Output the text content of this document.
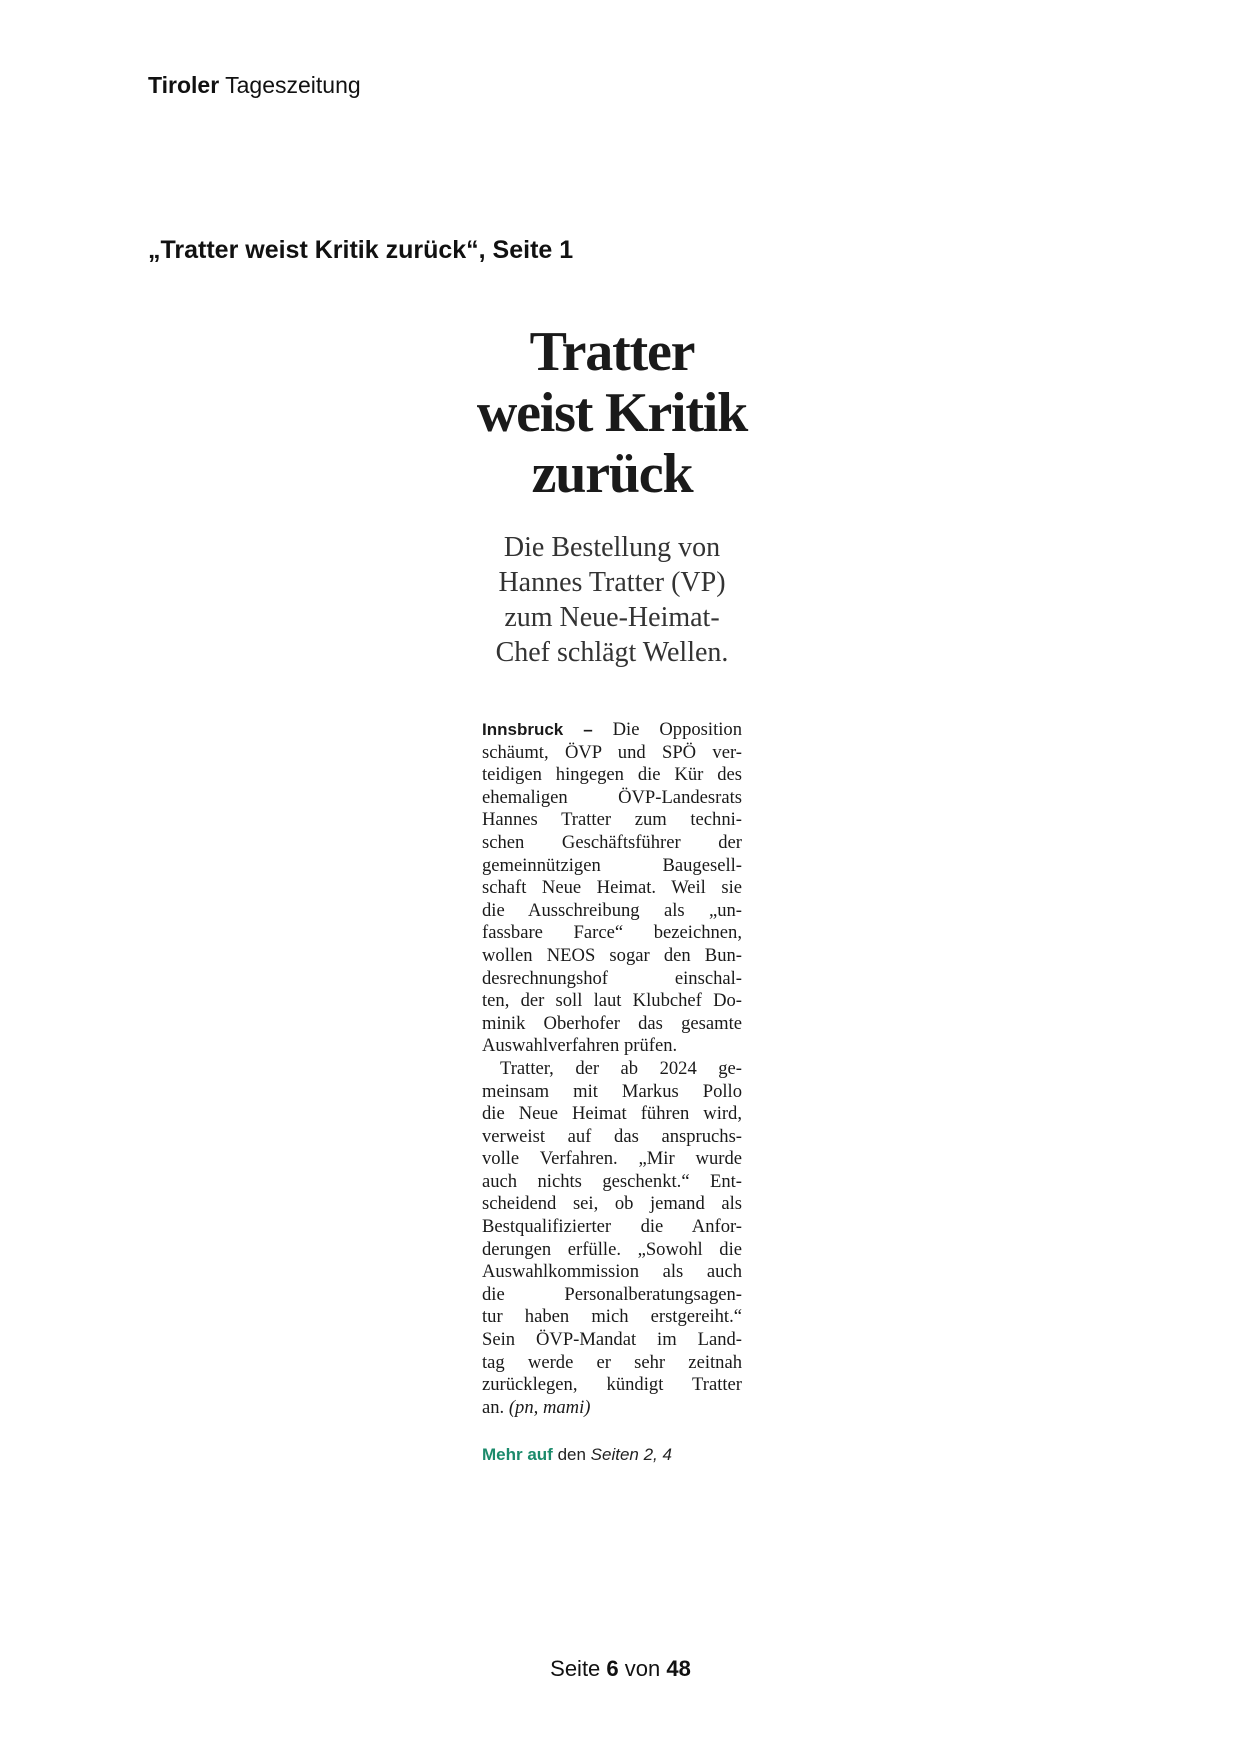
Tiroler Tageszeitung
„Tratter weist Kritik zurück“, Seite 1
Tratter
weist Kritik
zurück
Die Bestellung von
Hannes Tratter (VP)
zum Neue-Heimat-
Chef schlägt Wellen.
Innsbruck – Die Opposition
schäumt, ÖVP und SPÖ ver-
teidigen hingegen die Kür des
ehemaligen ÖVP-Landesrats
Hannes Tratter zum techni-
schen Geschäftsführer der
gemeinnützigen Baugesell-
schaft Neue Heimat. Weil sie
die Ausschreibung als „un-
fassbare Farce“ bezeichnen,
wollen NEOS sogar den Bun-
desrechnungshof einschal-
ten, der soll laut Klubchef Do-
minik Oberhofer das gesamte
Auswahlverfahren prüfen.
Tratter, der ab 2024 ge-
meinsam mit Markus Pollo
die Neue Heimat führen wird,
verweist auf das anspruchs-
volle Verfahren. „Mir wurde
auch nichts geschenkt.“ Ent-
scheidend sei, ob jemand als
Bestqualifizierter die Anfor-
derungen erfülle. „Sowohl die
Auswahlkommission als auch
die Personalberatungsagen-
tur haben mich erstgereiht.“
Sein ÖVP-Mandat im Land-
tag werde er sehr zeitnah
zurücklegen, kündigt Tratter
an. (pn, mami)
Mehr auf den Seiten 2, 4
Seite 6 von 48
